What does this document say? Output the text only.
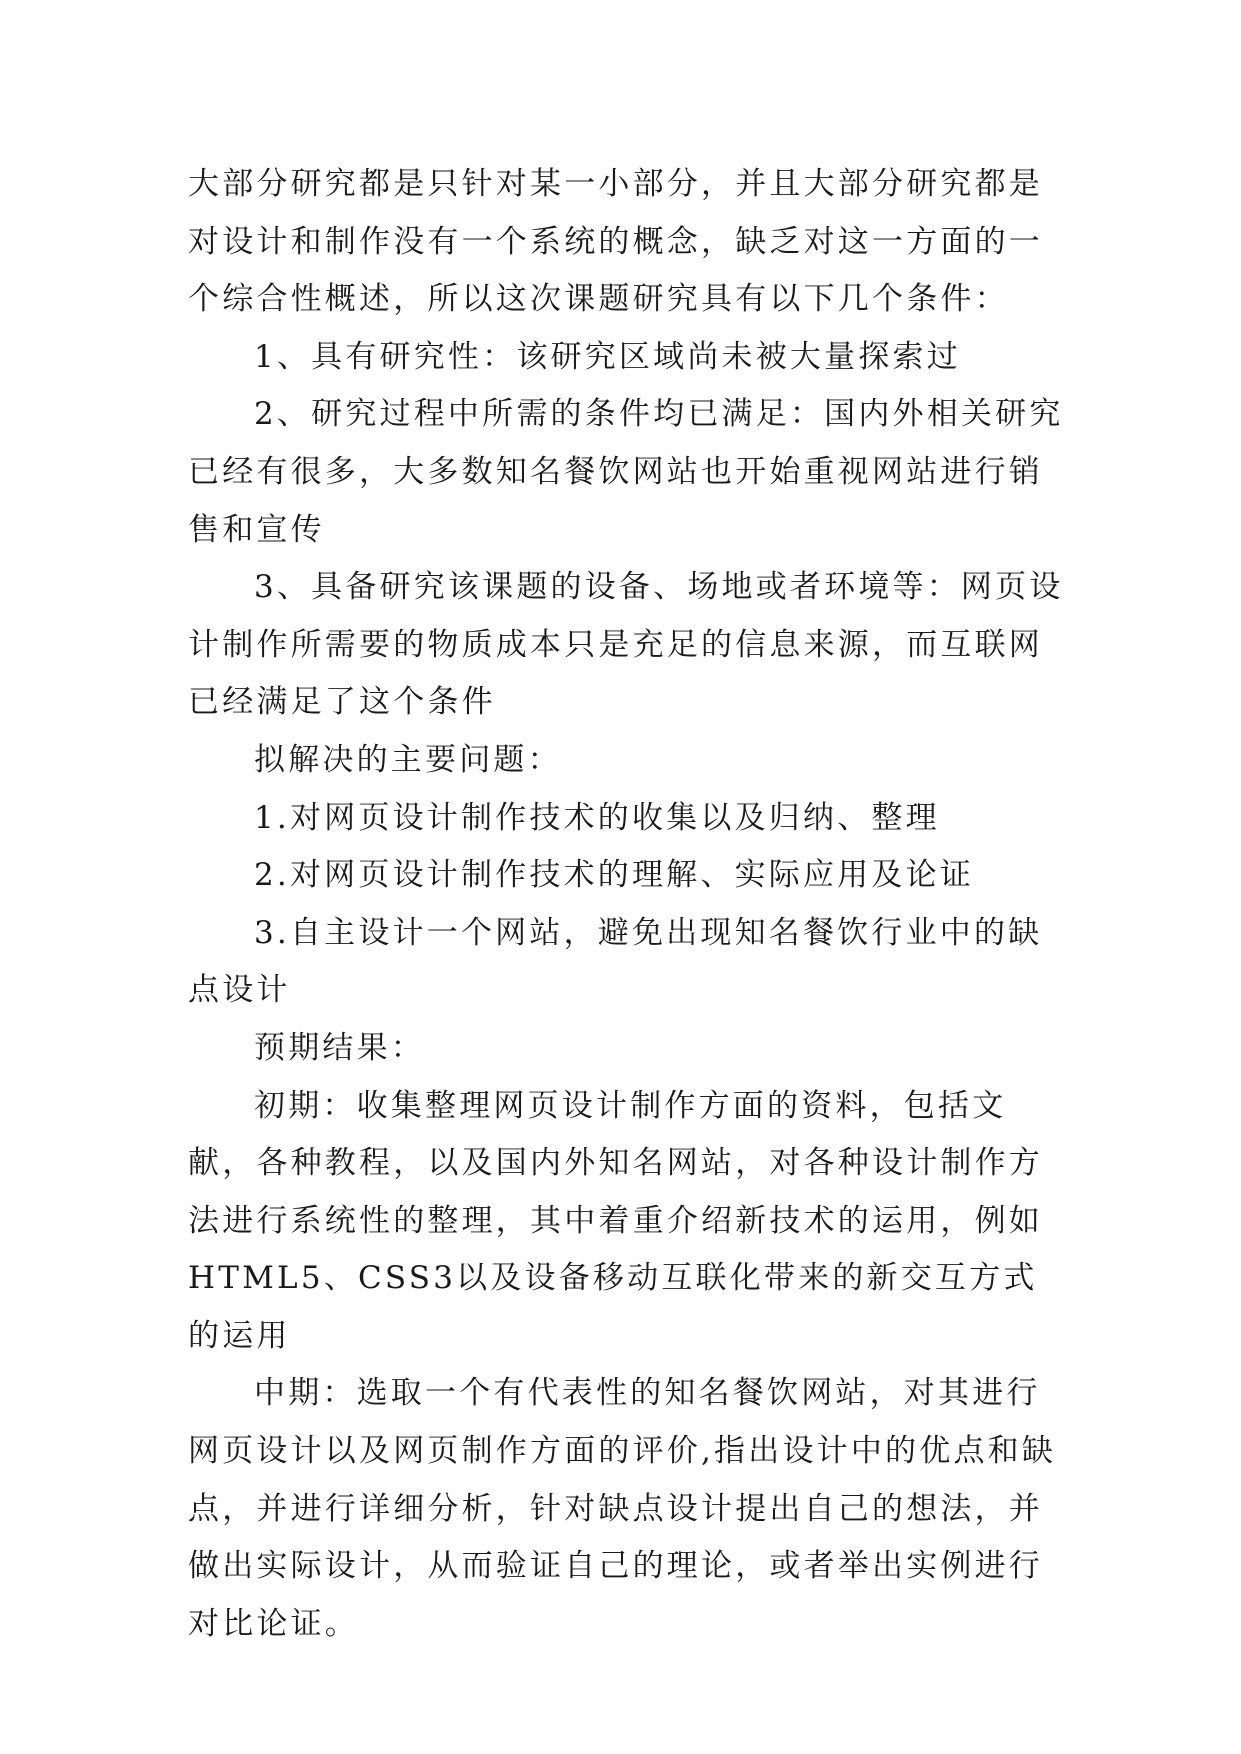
大部分研究都是只针对某一小部分，并且大部分研究都是对设计和制作没有一个系统的概念，缺乏对这一方面的一个综合性概述，所以这次课题研究具有以下几个条件：

1、具有研究性：该研究区域尚未被大量探索过

2、研究过程中所需的条件均已满足：国内外相关研究已经有很多，大多数知名餐饮网站也开始重视网站进行销售和宣传

3、具备研究该课题的设备、场地或者环境等：网页设计制作所需要的物质成本只是充足的信息来源，而互联网已经满足了这个条件

拟解决的主要问题：

1.对网页设计制作技术的收集以及归纳、整理

2.对网页设计制作技术的理解、实际应用及论证

3.自主设计一个网站，避免出现知名餐饮行业中的缺点设计

预期结果：

初期：收集整理网页设计制作方面的资料，包括文献，各种教程，以及国内外知名网站，对各种设计制作方法进行系统性的整理，其中着重介绍新技术的运用，例如HTML5、CSS3以及设备移动互联化带来的新交互方式的运用

中期：选取一个有代表性的知名餐饮网站，对其进行网页设计以及网页制作方面的评价,指出设计中的优点和缺点，并进行详细分析，针对缺点设计提出自己的想法，并做出实际设计，从而验证自己的理论，或者举出实例进行对比论证。
